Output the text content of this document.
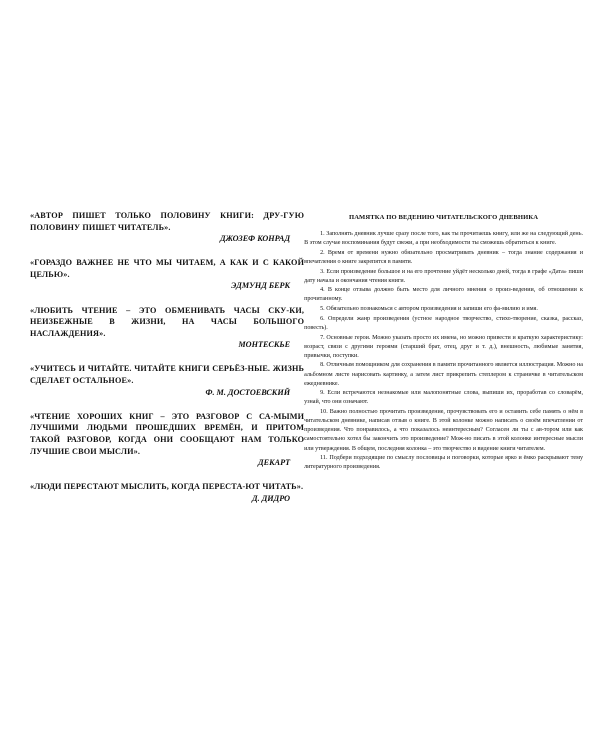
«АВТОР ПИШЕТ ТОЛЬКО ПОЛОВИНУ КНИГИ: ДРУ-ГУЮ ПОЛОВИНУ ПИШЕТ ЧИТАТЕЛЬ».

ДЖОЗЕФ КОНРАД

«ГОРАЗДО ВАЖНЕЕ НЕ ЧТО МЫ ЧИТАЕМ, А КАК И С КАКОЙ ЦЕЛЬЮ».

ЭДМУНД БЕРК

«ЛЮБИТЬ ЧТЕНИЕ – ЭТО ОБМЕНИВАТЬ ЧАСЫ СКУ-КИ, НЕИЗБЕЖНЫЕ В ЖИЗНИ, НА ЧАСЫ БОЛЬШОГО НАСЛАЖДЕНИЯ».

МОНТЕСКЬЕ

«УЧИТЕСЬ И ЧИТАЙТЕ. ЧИТАЙТЕ КНИГИ СЕРЬЁЗ-НЫЕ. ЖИЗНЬ СДЕЛАЕТ ОСТАЛЬНОЕ».

Ф. М. ДОСТОЕВСКИЙ

«ЧТЕНИЕ ХОРОШИХ КНИГ – ЭТО РАЗГОВОР С СА-МЫМИ ЛУЧШИМИ ЛЮДЬМИ ПРОШЕДШИХ ВРЕМЁН, И ПРИТОМ ТАКОЙ РАЗГОВОР, КОГДА ОНИ СООБЩАЮТ НАМ ТОЛЬКО ЛУЧШИЕ СВОИ МЫСЛИ».

ДЕКАРТ

«ЛЮДИ ПЕРЕСТАЮТ МЫСЛИТЬ, КОГДА ПЕРЕСТА-ЮТ ЧИТАТЬ».

Д. ДИДРО

ПАМЯТКА ПО ВЕДЕНИЮ ЧИТАТЕЛЬСКОГО ДНЕВНИКА

1. Заполнять дневник лучше сразу после того, как ты прочитаешь книгу, или же на следующий день. В этом случае воспоминания будут свежи, а при необходимости ты сможешь обратиться к книге.

2. Время от времени нужно обязательно просматривать дневник – тогда знание содержания и впечатления о книге закрепятся в памяти.

3. Если произведение большое и на его прочтение уйдёт несколько дней, тогда в графе «Дата» пиши дату начала и окончания чтения книги.

4. В конце отзыва должно быть место для личного мнения о произ-ведении, об отношении к прочитанному.

5. Обязательно познакомься с автором произведения и запиши его фа-милию и имя.

6. Определи жанр произведения (устное народное творчество, стихо-творение, сказка, рассказ, повесть).

7. Основные герои. Можно указать просто их имена, но можно привести и краткую характеристику: возраст, связи с другими героями (старший брат, отец, друг и т. д.), внешность, любимые занятия, привычки, поступки.

8. Отличным помощником для сохранения в памяти прочитанного является иллюстрация. Можно на альбомном листе нарисовать картинку, а затем лист прикрепить степлером к страничке в читательском ежедневнике.

9. Если встречаются незнакомые или малопонятные слова, выпиши их, проработав со словарём, узнай, что они означают.

10. Важно полностью прочитать произведение, прочувствовать его и оставить себе память о нём в читательском дневнике, написав отзыв о книге. В этой колонке можно написать о своём впечатлении от произведения. Что понравилось, а что показалось неинтересным? Согласен ли ты с ав-тором или как самостоятельно хотел бы закончить это произведение? Мож-но писать в этой колонке интересные мысли или утверждения. В общем, последняя колонка – это творчество и видение книги читателем.

11. Подбери подходящие по смыслу пословицы и поговорки, которые ярко и ёмко раскрывают тему литературного произведения.
